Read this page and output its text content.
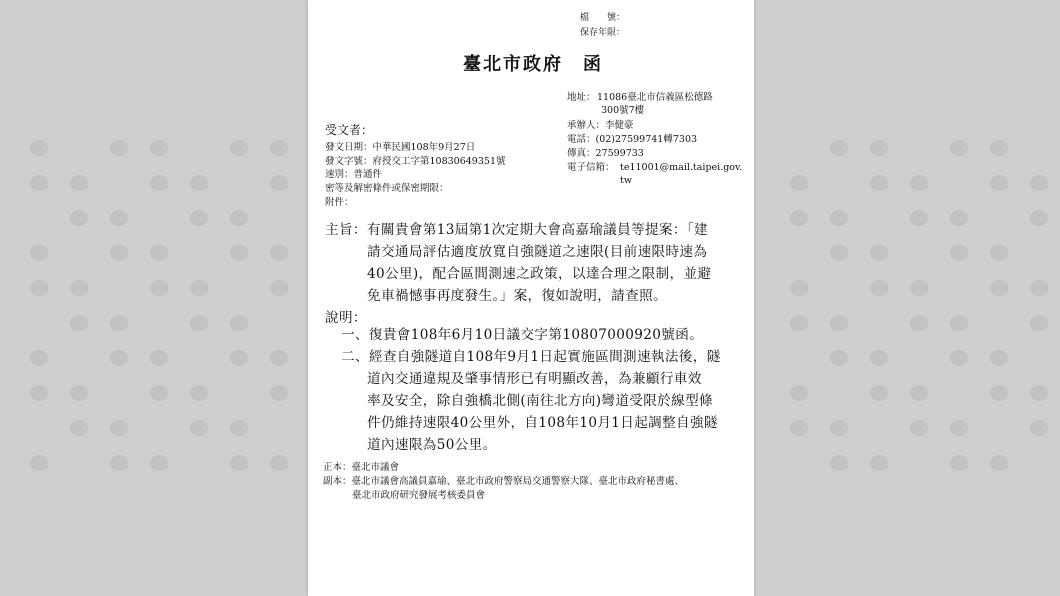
檔　　號：
保存年限：
臺北市政府　函
地址： 11086臺北市信義區松德路
300號7樓
承辦人：李健豪
電話：(02)27599741轉7303
傳真：27599733
電子信箱： te11001@mail.taipei.gov.
tw
受文者：
發文日期：中華民國108年9月27日
發文字號：府授交工字第10830649351號
速別：普通件
密等及解密條件或保密期限：
附件：
主旨： 有關貴會第13屆第1次定期大會高嘉瑜議員等提案：「建
請交通局評估適度放寬自強隧道之速限(目前速限時速為
40公里)，配合區間測速之政策，以達合理之限制，並避
免車禍憾事再度發生。」案，復如說明，請查照。
說明：
一、復貴會108年6月10日議交字第10807000920號函。
二、經查自強隧道自108年9月1日起實施區間測速執法後，隧
道內交通違規及肇事情形已有明顯改善，為兼顧行車效
率及安全，除自強橋北側(南往北方向)彎道受限於線型條
件仍維持速限40公里外，自108年10月1日起調整自強隧
道內速限為50公里。
正本：臺北市議會
副本：臺北市議會高議員嘉瑜、臺北市政府警察局交通警察大隊、臺北市政府秘書處、
臺北市政府研究發展考核委員會
